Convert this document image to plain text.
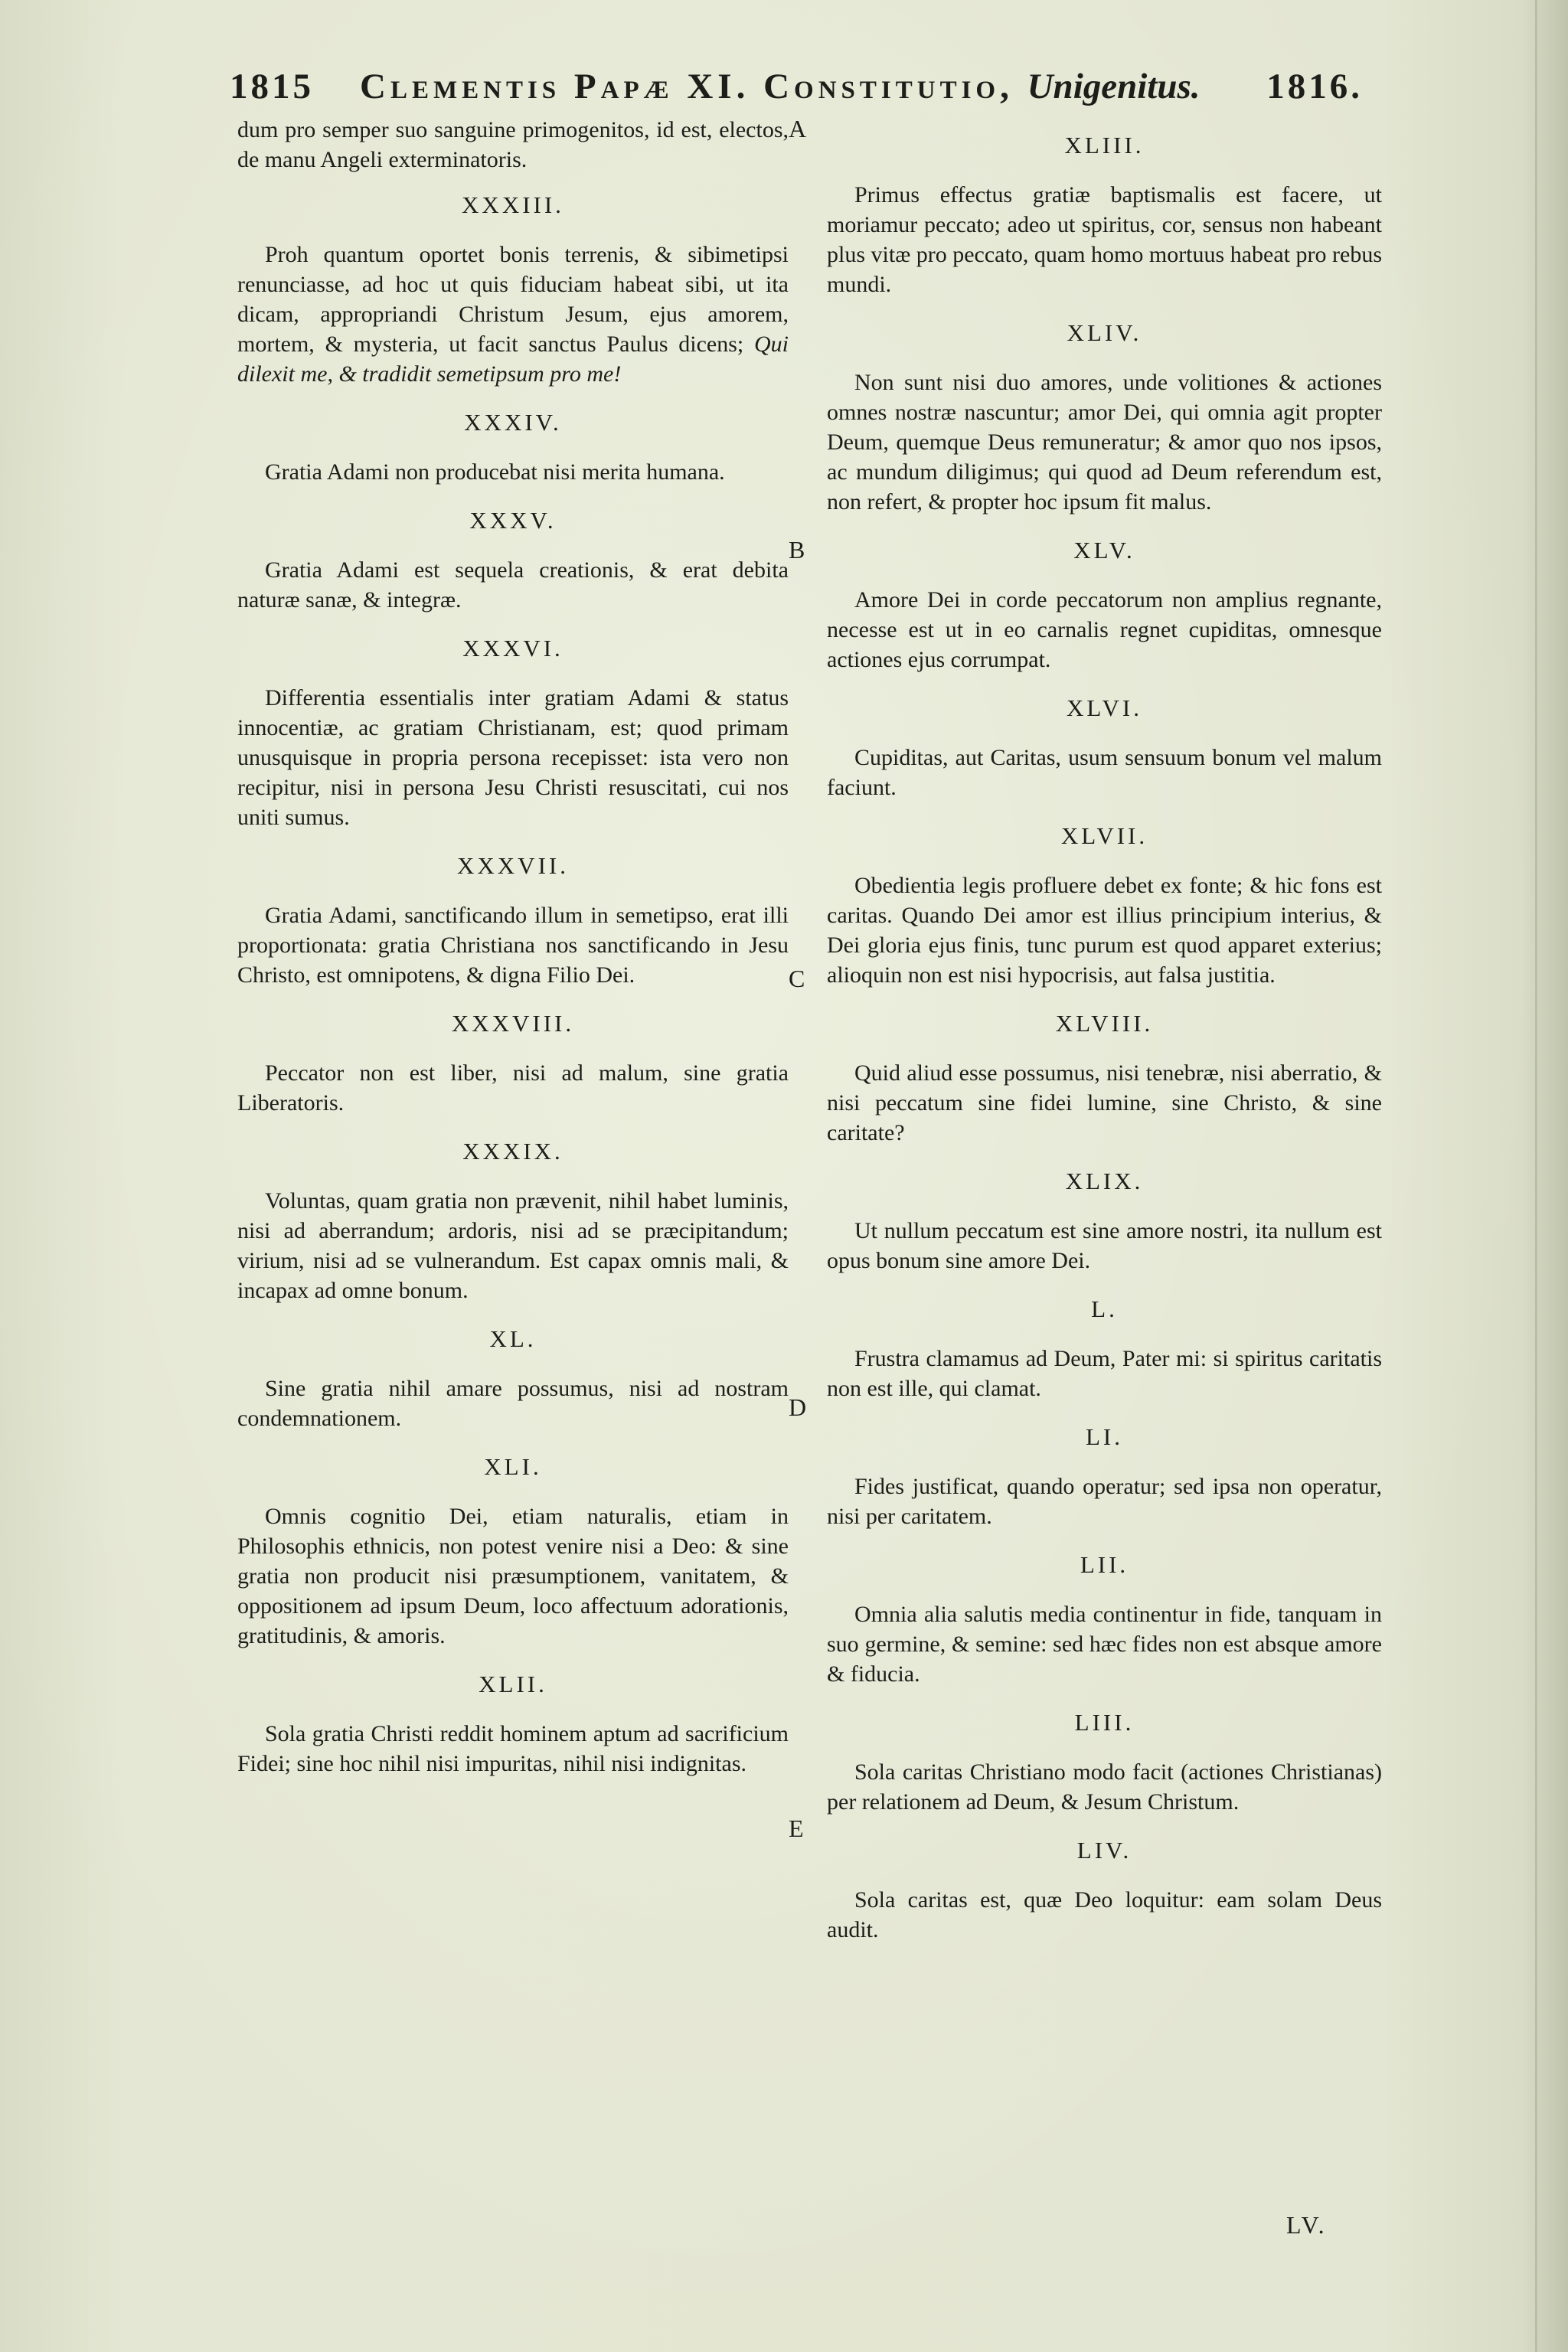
1815 Clementis Papæ XI. Constitutio, Unigenitus. 1816.

dum pro semper suo sanguine primogenitos, id est, electos, de manu Angeli exterminatoris.

XXXIII.

Proh quantum oportet bonis terrenis, & sibimetipsi renunciasse, ad hoc ut quis fiduciam habeat sibi, ut ita dicam, appropriandi Christum Jesum, ejus amorem, mortem, & mysteria, ut facit sanctus Paulus dicens; Qui dilexit me, & tradidit semetipsum pro me!

XXXIV.

Gratia Adami non producebat nisi merita humana.

XXXV.

Gratia Adami est sequela creationis, & erat debita naturæ sanæ, & integræ.

XXXVI.

Differentia essentialis inter gratiam Adami & status innocentiæ, ac gratiam Christianam, est; quod primam unusquisque in propria persona recepisset: ista vero non recipitur, nisi in persona Jesu Christi resuscitati, cui nos uniti sumus.

XXXVII.

Gratia Adami, sanctificando illum in semetipso, erat illi proportionata: gratia Christiana nos sanctificando in Jesu Christo, est omnipotens, & digna Filio Dei.

XXXVIII.

Peccator non est liber, nisi ad malum, sine gratia Liberatoris.

XXXIX.

Voluntas, quam gratia non prævenit, nihil habet luminis, nisi ad aberrandum; ardoris, nisi ad se præcipitandum; virium, nisi ad se vulnerandum. Est capax omnis mali, & incapax ad omne bonum.

XL.

Sine gratia nihil amare possumus, nisi ad nostram condemnationem.

XLI.

Omnis cognitio Dei, etiam naturalis, etiam in Philosophis ethnicis, non potest venire nisi a Deo: & sine gratia non producit nisi præsumptionem, vanitatem, & oppositionem ad ipsum Deum, loco affectuum adorationis, gratitudinis, & amoris.

XLII.

Sola gratia Christi reddit hominem aptum ad sacrificium Fidei; sine hoc nihil nisi impuritas, nihil nisi indignitas.

A
B
C
D
E
XLIII.

Primus effectus gratiæ baptismalis est facere, ut moriamur peccato; adeo ut spiritus, cor, sensus non habeant plus vitæ pro peccato, quam homo mortuus habeat pro rebus mundi.

XLIV.

Non sunt nisi duo amores, unde volitiones & actiones omnes nostræ nascuntur; amor Dei, qui omnia agit propter Deum, quemque Deus remuneratur; & amor quo nos ipsos, ac mundum diligimus; qui quod ad Deum referendum est, non refert, & propter hoc ipsum fit malus.

XLV.

Amore Dei in corde peccatorum non amplius regnante, necesse est ut in eo carnalis regnet cupiditas, omnesque actiones ejus corrumpat.

XLVI.

Cupiditas, aut Caritas, usum sensuum bonum vel malum faciunt.

XLVII.

Obedientia legis profluere debet ex fonte; & hic fons est caritas. Quando Dei amor est illius principium interius, & Dei gloria ejus finis, tunc purum est quod apparet exterius; alioquin non est nisi hypocrisis, aut falsa justitia.

XLVIII.

Quid aliud esse possumus, nisi tenebræ, nisi aberratio, & nisi peccatum sine fidei lumine, sine Christo, & sine caritate?

XLIX.

Ut nullum peccatum est sine amore nostri, ita nullum est opus bonum sine amore Dei.

L.

Frustra clamamus ad Deum, Pater mi: si spiritus caritatis non est ille, qui clamat.

LI.

Fides justificat, quando operatur; sed ipsa non operatur, nisi per caritatem.

LII.

Omnia alia salutis media continentur in fide, tanquam in suo germine, & semine: sed hæc fides non est absque amore & fiducia.

LIII.

Sola caritas Christiano modo facit (actiones Christianas) per relationem ad Deum, & Jesum Christum.

LIV.

Sola caritas est, quæ Deo loquitur: eam solam Deus audit.

LV.
